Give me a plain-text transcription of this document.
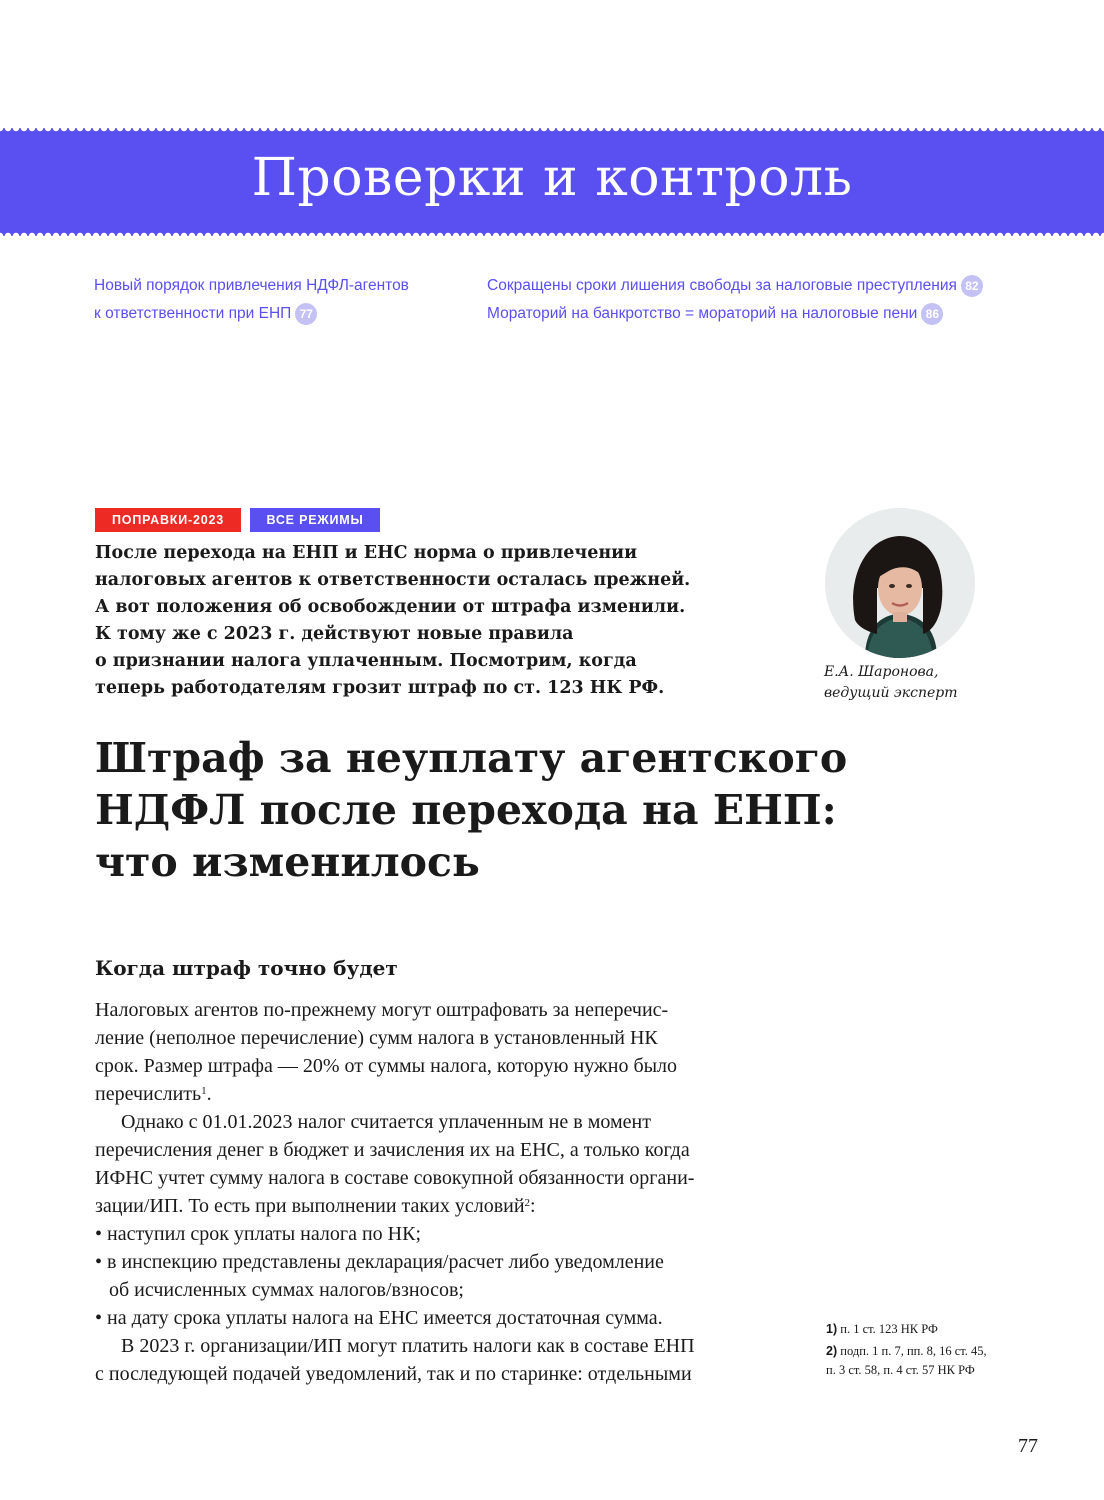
Проверки и контроль
Новый порядок привлечения НДФЛ-агентов
к ответственности при ЕНП 77
Сокращены сроки лишения свободы за налоговые преступления 82
Мораторий на банкротство = мораторий на налоговые пени 86
ПОПРАВКИ-2023	ВСЕ РЕЖИМЫ

После перехода на ЕНП и ЕНС норма о привлечении
налоговых агентов к ответственности осталась прежней.
А вот положения об освобождении от штрафа изменили.
К тому же с 2023 г. действуют новые правила
о признании налога уплаченным. Посмотрим, когда
теперь работодателям грозит штраф по ст. 123 НК РФ.

Е.А. Шаронова,
ведущий эксперт
Штраф за неуплату агентского
НДФЛ после перехода на ЕНП:
что изменилось
Когда штраф точно будет
Налоговых агентов по-прежнему могут оштрафовать за неперечис-
ление (неполное перечисление) сумм налога в установленный НК
срок. Размер штрафа — 20% от суммы налога, которую нужно было
перечислить$^1$.
Однако с 01.01.2023 налог считается уплаченным не в момент
перечисления денег в бюджет и зачисления их на ЕНС, а только когда
ИФНС учтет сумму налога в составе совокупной обязанности органи-
зации/ИП. То есть при выполнении таких условий$^2$:
• наступил срок уплаты налога по НК;
• в инспекцию представлены декларация/расчет либо уведомление
об исчисленных суммах налогов/взносов;
• на дату срока уплаты налога на ЕНС имеется достаточная сумма.
В 2023 г. организации/ИП могут платить налоги как в составе ЕНП
с последующей подачей уведомлений, так и по старинке: отдельными
1) п. 1 ст. 123 НК РФ
2) подп. 1 п. 7, пп. 8, 16 ст. 45,
п. 3 ст. 58, п. 4 ст. 57 НК РФ
77
